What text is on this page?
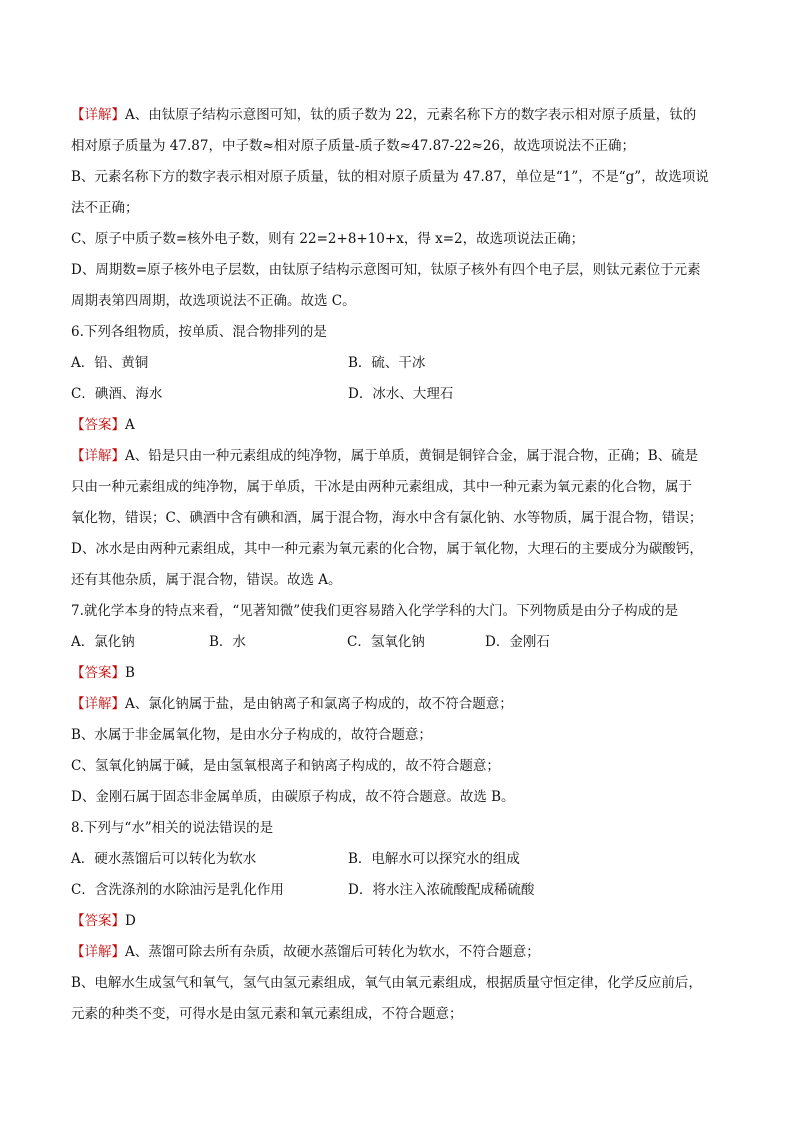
【详解】A、由钛原子结构示意图可知，钛的质子数为 22，元素名称下方的数字表示相对原子质量，钛的
相对原子质量为 47.87，中子数≈相对原子质量-质子数≈47.87-22≈26，故选项说法不正确；
B、元素名称下方的数字表示相对原子质量，钛的相对原子质量为 47.87，单位是“1”，不是“g”，故选项说
法不正确；
C、原子中质子数=核外电子数，则有 22=2+8+10+x，得 x=2，故选项说法正确；
D、周期数=原子核外电子层数，由钛原子结构示意图可知，钛原子核外有四个电子层，则钛元素位于元素
周期表第四周期，故选项说法不正确。故选 C。
6.下列各组物质，按单质、混合物排列的是
A．铅、黄铜	B．硫、干冰
C．碘酒、海水	D．冰水、大理石
【答案】A
【详解】A、铅是只由一种元素组成的纯净物，属于单质，黄铜是铜锌合金，属于混合物，正确；B、硫是
只由一种元素组成的纯净物，属于单质，干冰是由两种元素组成，其中一种元素为氧元素的化合物，属于
氧化物，错误；C、碘酒中含有碘和酒，属于混合物，海水中含有氯化钠、水等物质，属于混合物，错误；
D、冰水是由两种元素组成，其中一种元素为氧元素的化合物，属于氧化物，大理石的主要成分为碳酸钙，
还有其他杂质，属于混合物，错误。故选 A。
7.就化学本身的特点来看，“见著知微”使我们更容易踏入化学学科的大门。下列物质是由分子构成的是
A．氯化钠	B．水	C．氢氧化钠	D．金刚石
【答案】B
【详解】A、氯化钠属于盐，是由钠离子和氯离子构成的，故不符合题意；
B、水属于非金属氧化物，是由水分子构成的，故符合题意；
C、氢氧化钠属于碱，是由氢氧根离子和钠离子构成的，故不符合题意；
D、金刚石属于固态非金属单质，由碳原子构成，故不符合题意。故选 B。
8.下列与“水”相关的说法错误的是
A．硬水蒸馏后可以转化为软水	B．电解水可以探究水的组成
C．含洗涤剂的水除油污是乳化作用	D．将水注入浓硫酸配成稀硫酸
【答案】D
【详解】A、蒸馏可除去所有杂质，故硬水蒸馏后可转化为软水，不符合题意；
B、电解水生成氢气和氧气，氢气由氢元素组成，氧气由氧元素组成，根据质量守恒定律，化学反应前后，
元素的种类不变，可得水是由氢元素和氧元素组成，不符合题意；
